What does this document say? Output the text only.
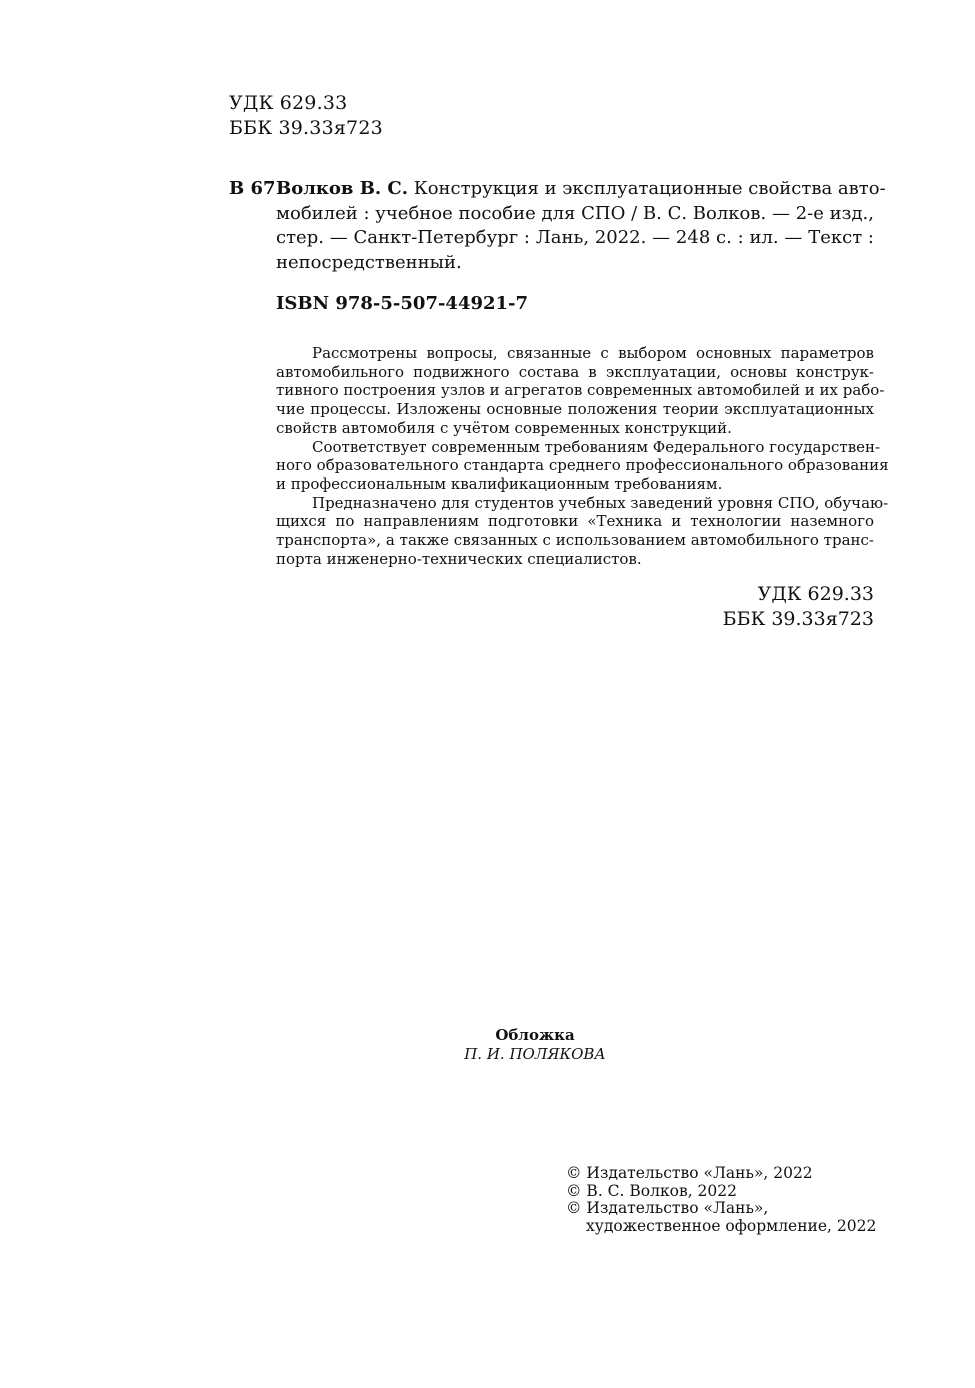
УДК 629.33
ББК 39.33я723
В 67 Волков В. С. Конструкция и эксплуатационные свойства авто-
мобилей : учебное пособие для СПО / В. С. Волков. — 2-е изд.,
стер. — Санкт-Петербург : Лань, 2022. — 248 с. : ил. — Текст :
непосредственный.
ISBN 978-5-507-44921-7
Рассмотрены вопросы, связанные с выбором основных параметров
автомобильного подвижного состава в эксплуатации, основы конструк-
тивного построения узлов и агрегатов современных автомобилей и их рабо-
чие процессы. Изложены основные положения теории эксплуатационных
свойств автомобиля с учётом современных конструкций.
Соответствует современным требованиям Федерального государствен-
ного образовательного стандарта среднего профессионального образования
и профессиональным квалификационным требованиям.
Предназначено для студентов учебных заведений уровня СПО, обучаю-
щихся по направлениям подготовки «Техника и технологии наземного
транспорта», а также связанных с использованием автомобильного транс-
порта инженерно-технических специалистов.
УДК 629.33
ББК 39.33я723
Обложка
П. И. ПОЛЯКОВА
© Издательство «Лань», 2022
© В. С. Волков, 2022
© Издательство «Лань»,
художественное оформление, 2022
